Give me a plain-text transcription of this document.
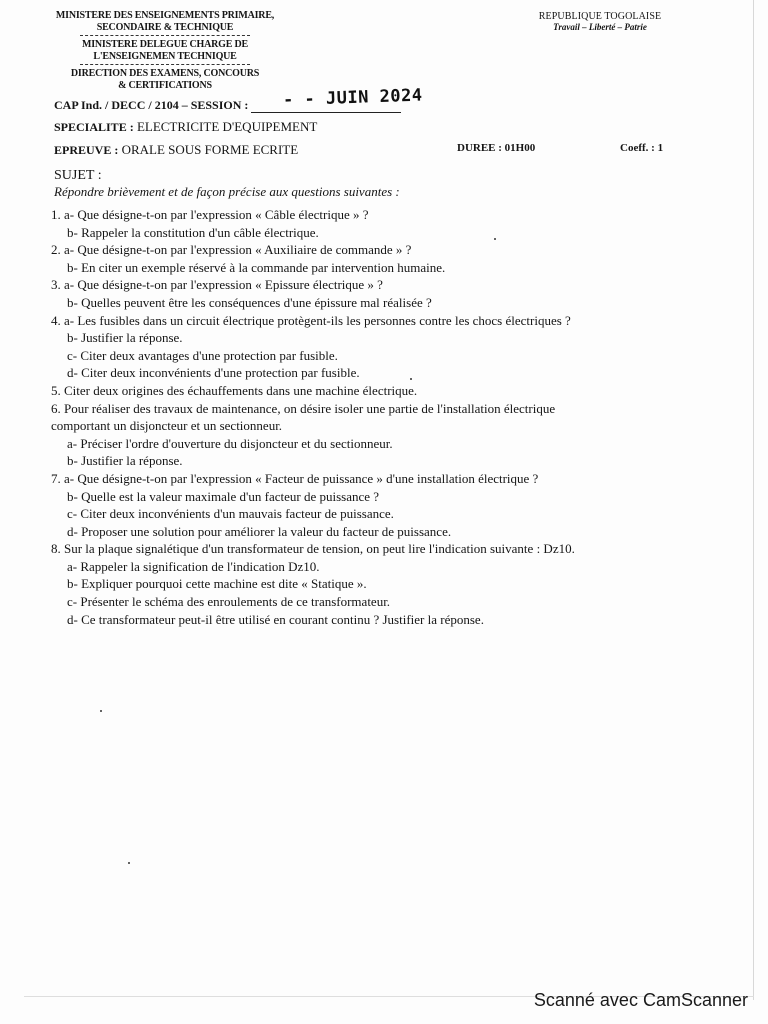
MINISTERE DES ENSEIGNEMENTS PRIMAIRE,
SECONDAIRE & TECHNIQUE
MINISTERE DELEGUE CHARGE DE
L'ENSEIGNEMEN TECHNIQUE
DIRECTION DES EXAMENS, CONCOURS
& CERTIFICATIONS
REPUBLIQUE TOGOLAISE
Travail – Liberté – Patrie
CAP Ind. / DECC / 2104 – SESSION :	- - JUIN 2024
SPECIALITE : ELECTRICITE D'EQUIPEMENT
EPREUVE : ORALE SOUS FORME ECRITE	DUREE : 01H00	Coeff. : 1
SUJET :
Répondre brièvement et de façon précise aux questions suivantes :
1. a- Que désigne-t-on par l'expression « Câble électrique » ?
b- Rappeler la constitution d'un câble électrique.
2. a- Que désigne-t-on par l'expression « Auxiliaire de commande » ?
b- En citer un exemple réservé à la commande par intervention humaine.
3. a- Que désigne-t-on par l'expression « Epissure électrique » ?
b- Quelles peuvent être les conséquences d'une épissure mal réalisée ?
4. a- Les fusibles dans un circuit électrique protègent-ils les personnes contre les chocs électriques ?
b- Justifier la réponse.
c- Citer deux avantages d'une protection par fusible.
d- Citer deux inconvénients d'une protection par fusible.
5. Citer deux origines des échauffements dans une machine électrique.
6. Pour réaliser des travaux de maintenance, on désire isoler une partie de l'installation électrique
comportant un disjoncteur et un sectionneur.
a- Préciser l'ordre d'ouverture du disjoncteur et du sectionneur.
b- Justifier la réponse.
7. a- Que désigne-t-on par l'expression « Facteur de puissance » d'une installation électrique ?
b- Quelle est la valeur maximale d'un facteur de puissance ?
c- Citer deux inconvénients d'un mauvais facteur de puissance.
d- Proposer une solution pour améliorer la valeur du facteur de puissance.
8. Sur la plaque signalétique d'un transformateur de tension, on peut lire l'indication suivante : Dz10.
a- Rappeler la signification de l'indication Dz10.
b- Expliquer pourquoi cette machine est dite « Statique ».
c- Présenter le schéma des enroulements de ce transformateur.
d- Ce transformateur peut-il être utilisé en courant continu ? Justifier la réponse.
Scanné avec CamScanner
